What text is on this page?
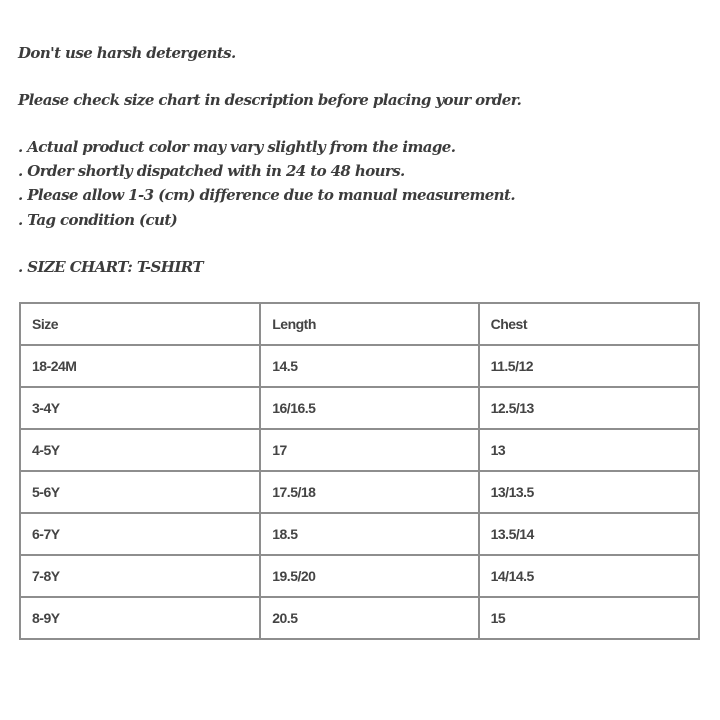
Don't use harsh detergents.

Please check size chart in description before placing your order.

. Actual product color may vary slightly from the image.

. Order shortly dispatched with in 24 to 48 hours.

. Please allow 1-3 (cm) difference due to manual measurement.

. Tag condition (cut)

. SIZE CHART: T-SHIRT

Size	Length	Chest
18-24M	14.5	11.5/12
3-4Y	16/16.5	12.5/13
4-5Y	17	13
5-6Y	17.5/18	13/13.5
6-7Y	18.5	13.5/14
7-8Y	19.5/20	14/14.5
8-9Y	20.5	15
